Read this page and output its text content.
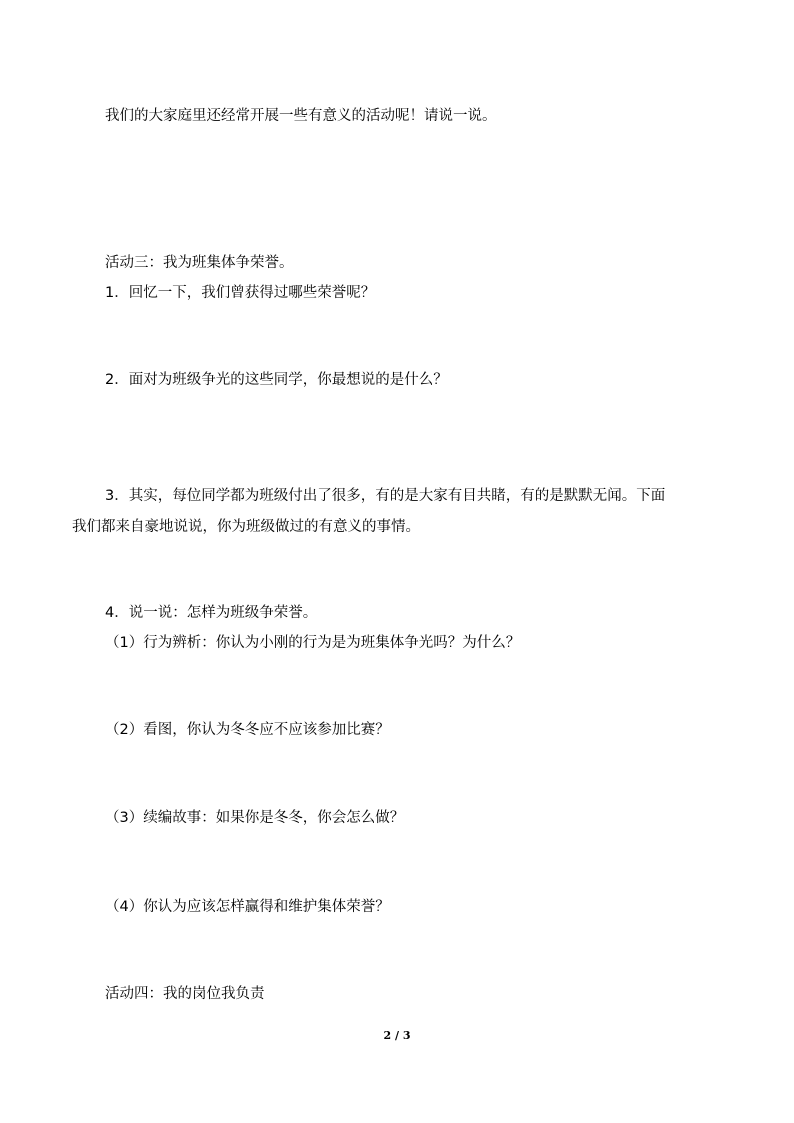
我们的大家庭里还经常开展一些有意义的活动呢！请说一说。

活动三：我为班集体争荣誉。

1．回忆一下，我们曾获得过哪些荣誉呢？

2．面对为班级争光的这些同学，你最想说的是什么？

3．其实，每位同学都为班级付出了很多，有的是大家有目共睹，有的是默默无闻。下面

我们都来自豪地说说，你为班级做过的有意义的事情。

4．说一说：怎样为班级争荣誉。

（1）行为辨析：你认为小刚的行为是为班集体争光吗？为什么？

（2）看图，你认为冬冬应不应该参加比赛？

（3）续编故事：如果你是冬冬，你会怎么做？

（4）你认为应该怎样赢得和维护集体荣誉？

活动四：我的岗位我负责

2 / 3
